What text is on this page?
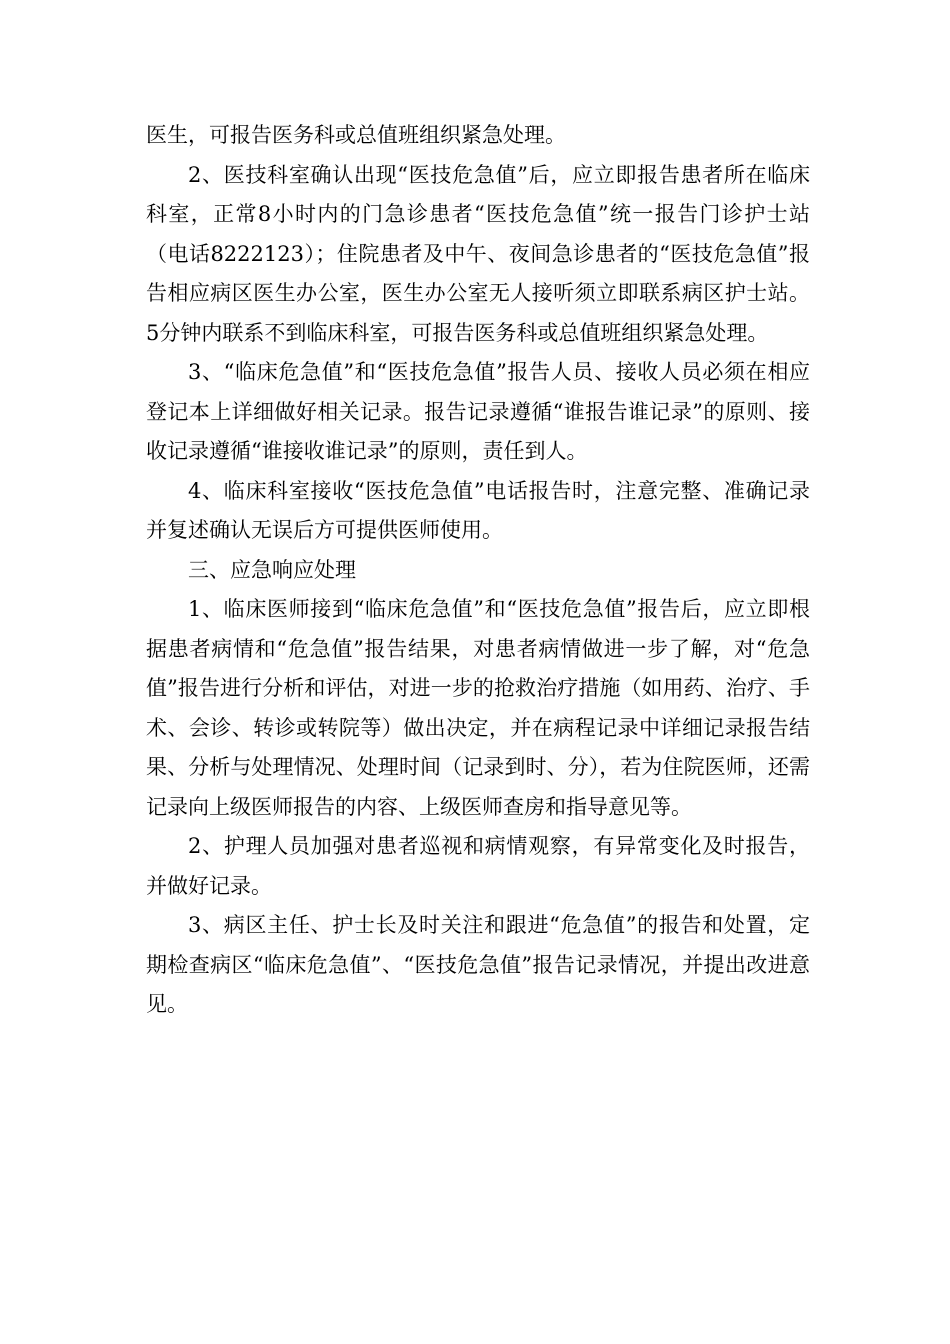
医生，可报告医务科或总值班组织紧急处理。

2、医技科室确认出现“医技危急值”后，应立即报告患者所在临床科室，正常8小时内的门急诊患者“医技危急值”统一报告门诊护士站（电话8222123）；住院患者及中午、夜间急诊患者的“医技危急值”报告相应病区医生办公室，医生办公室无人接听须立即联系病区护士站。5分钟内联系不到临床科室，可报告医务科或总值班组织紧急处理。

3、“临床危急值”和“医技危急值”报告人员、接收人员必须在相应登记本上详细做好相关记录。报告记录遵循“谁报告谁记录”的原则、接收记录遵循“谁接收谁记录”的原则，责任到人。

4、临床科室接收“医技危急值”电话报告时，注意完整、准确记录并复述确认无误后方可提供医师使用。

三、应急响应处理

1、临床医师接到“临床危急值”和“医技危急值”报告后，应立即根据患者病情和“危急值”报告结果，对患者病情做进一步了解，对“危急值”报告进行分析和评估，对进一步的抢救治疗措施（如用药、治疗、手术、会诊、转诊或转院等）做出决定，并在病程记录中详细记录报告结果、分析与处理情况、处理时间（记录到时、分），若为住院医师，还需记录向上级医师报告的内容、上级医师查房和指导意见等。

2、护理人员加强对患者巡视和病情观察，有异常变化及时报告，并做好记录。

3、病区主任、护士长及时关注和跟进“危急值”的报告和处置，定期检查病区“临床危急值”、“医技危急值”报告记录情况，并提出改进意见。
